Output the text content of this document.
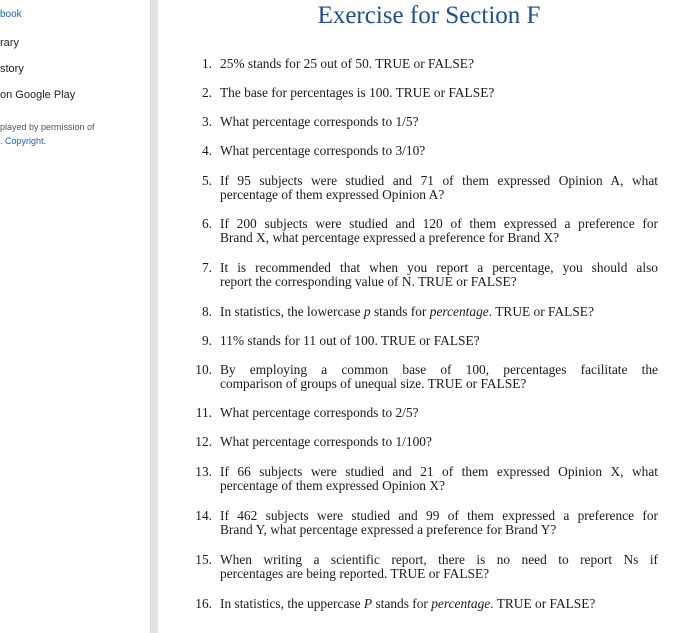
book
rary
story
on Google Play
played by permission of
. Copyright.
Exercise for Section F
1. 25% stands for 25 out of 50. TRUE or FALSE?
2. The base for percentages is 100. TRUE or FALSE?
3. What percentage corresponds to 1/5?
4. What percentage corresponds to 3/10?
5. If 95 subjects were studied and 71 of them expressed Opinion A, what
percentage of them expressed Opinion A?
6. If 200 subjects were studied and 120 of them expressed a preference for
Brand X, what percentage expressed a preference for Brand X?
7. It is recommended that when you report a percentage, you should also
report the corresponding value of N. TRUE or FALSE?
8. In statistics, the lowercase p stands for percentage. TRUE or FALSE?
9. 11% stands for 11 out of 100. TRUE or FALSE?
10. By employing a common base of 100, percentages facilitate the
comparison of groups of unequal size. TRUE or FALSE?
11. What percentage corresponds to 2/5?
12. What percentage corresponds to 1/100?
13. If 66 subjects were studied and 21 of them expressed Opinion X, what
percentage of them expressed Opinion X?
14. If 462 subjects were studied and 99 of them expressed a preference for
Brand Y, what percentage expressed a preference for Brand Y?
15. When writing a scientific report, there is no need to report Ns if
percentages are being reported. TRUE or FALSE?
16. In statistics, the uppercase P stands for percentage. TRUE or FALSE?
